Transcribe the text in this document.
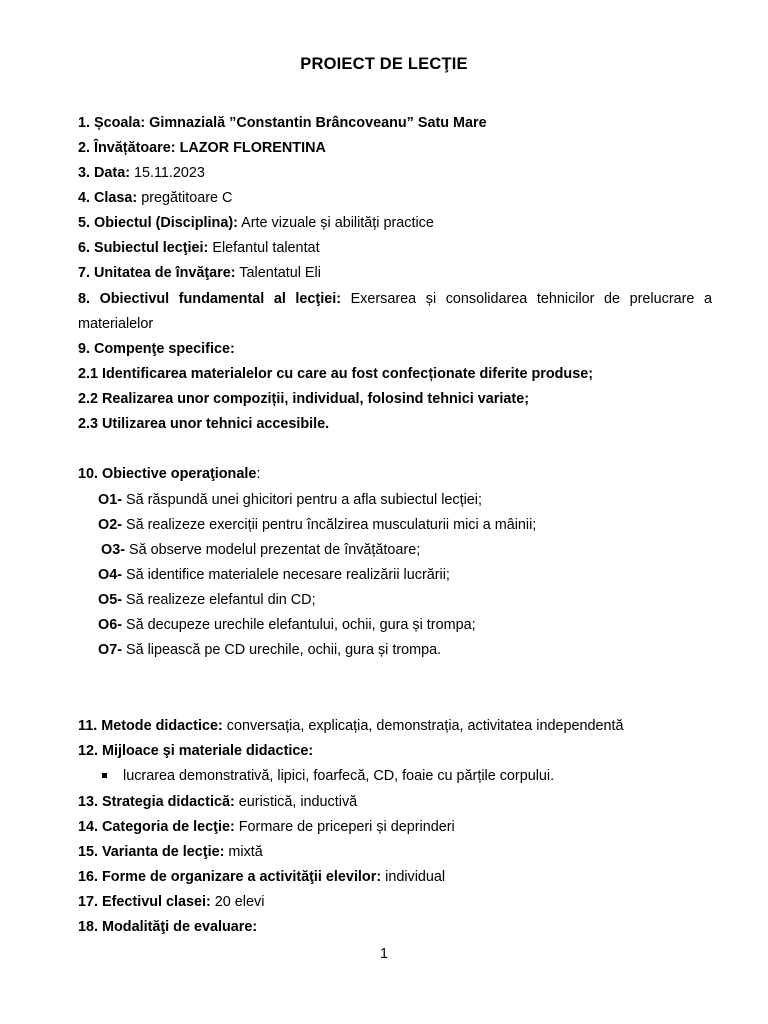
PROIECT DE LECŢIE
1. Școala: Gimnazială ”Constantin Brâncoveanu” Satu Mare
2. Învățătoare: LAZOR FLORENTINA
3. Data: 15.11.2023
4. Clasa: pregătitoare C
5. Obiectul (Disciplina): Arte vizuale și abilități practice
6. Subiectul lecţiei: Elefantul talentat
7. Unitatea de învăţare: Talentatul Eli
8. Obiectivul fundamental al lecţiei: Exersarea și consolidarea tehnicilor de prelucrare a materialelor
9. Compenţe specifice:
2.1 Identificarea materialelor cu care au fost confecționate diferite produse;
2.2 Realizarea unor compoziții, individual, folosind tehnici variate;
2.3 Utilizarea unor tehnici accesibile.
10. Obiective operaţionale:
O1- Să răspundă unei ghicitori pentru a afla subiectul lecției;
O2- Să realizeze exerciții pentru încălzirea musculaturii mici a mâinii;
O3- Să observe modelul prezentat de învățătoare;
O4- Să identifice materialele necesare realizării lucrării;
O5- Să realizeze elefantul din CD;
O6- Să decupeze urechile elefantului, ochii, gura și trompa;
O7- Să lipească pe CD urechile, ochii, gura și trompa.
11. Metode didactice: conversația, explicația, demonstrația, activitatea independentă
12. Mijloace şi materiale didactice:
lucrarea demonstrativă, lipici, foarfecă, CD, foaie cu părțile corpului.
13. Strategia didactică: euristică, inductivă
14. Categoria de lecţie: Formare de priceperi și deprinderi
15. Varianta de lecţie: mixtă
16. Forme de organizare a activităţii elevilor: individual
17. Efectivul clasei: 20 elevi
18. Modalităţi de evaluare:
1
